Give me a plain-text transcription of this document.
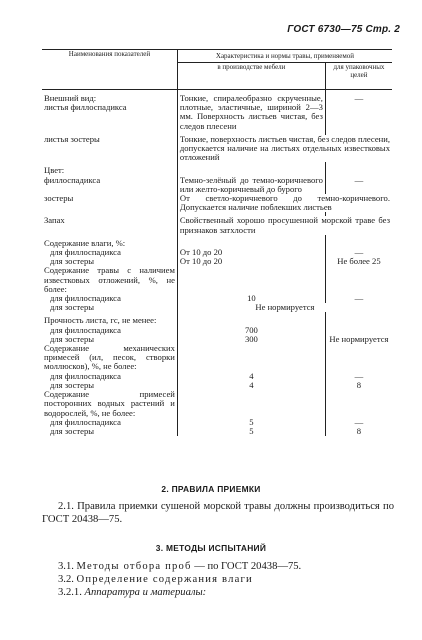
ГОСТ 6730—75 Стр. 2
Наименования показателей	Характеристика и нормы травы, применяемой	
	в производстве мебели	для упаковочных целей

Внешний вид:
листья филлоспадикса	Тонкие, спиралеобразно скрученные, плотные, эластичные, шириной 2—3 мм. Поверхность листьев чистая, без следов плесени	—

листья зостеры	Тонкие, поверхность листьев чистая, без следов плесени, допускается наличие на листьях отдельных известковых отложений	

Цвет:		
филлоспадикса	Темно-зелёный до темно-коричневого или желто-коричневый до бурого	—
зостеры	От светло-коричневого до темно-коричневого. Допускается наличие поблекших листьев	

Запах	Свойственный хорошо просушенной морской траве без признаков затхлости	

Содержание влаги, %:		
для филлоспадикса	От 10 до 20	—
для зостеры	От 10 до 20	Не более 25
Содержание травы с наличием известковых отложений, %, не более:		
для филлоспадикса	10	—
для зостеры	Не нормируется	

Прочность листа, гс, не менее:		
для филлоспадикса	700	
для зостеры	300	Не нормируется
Содержание механических примесей (ил, песок, створки моллюсков), %, не более:		
для филлоспадикса	4	—
для зостеры	4	8
Содержание примесей посторонних водных растений и водорослей, %, не более:		
для филлоспадикса	5	—
для зостеры	5	8
2. ПРАВИЛА ПРИЕМКИ
2.1. Правила приемки сушеной морской травы должны производиться по ГОСТ 20438—75.
3. МЕТОДЫ ИСПЫТАНИЙ
3.1. Методы отбора проб — по ГОСТ 20438—75.
3.2. Определение содержания влаги
3.2.1. Аппаратура и материалы:
